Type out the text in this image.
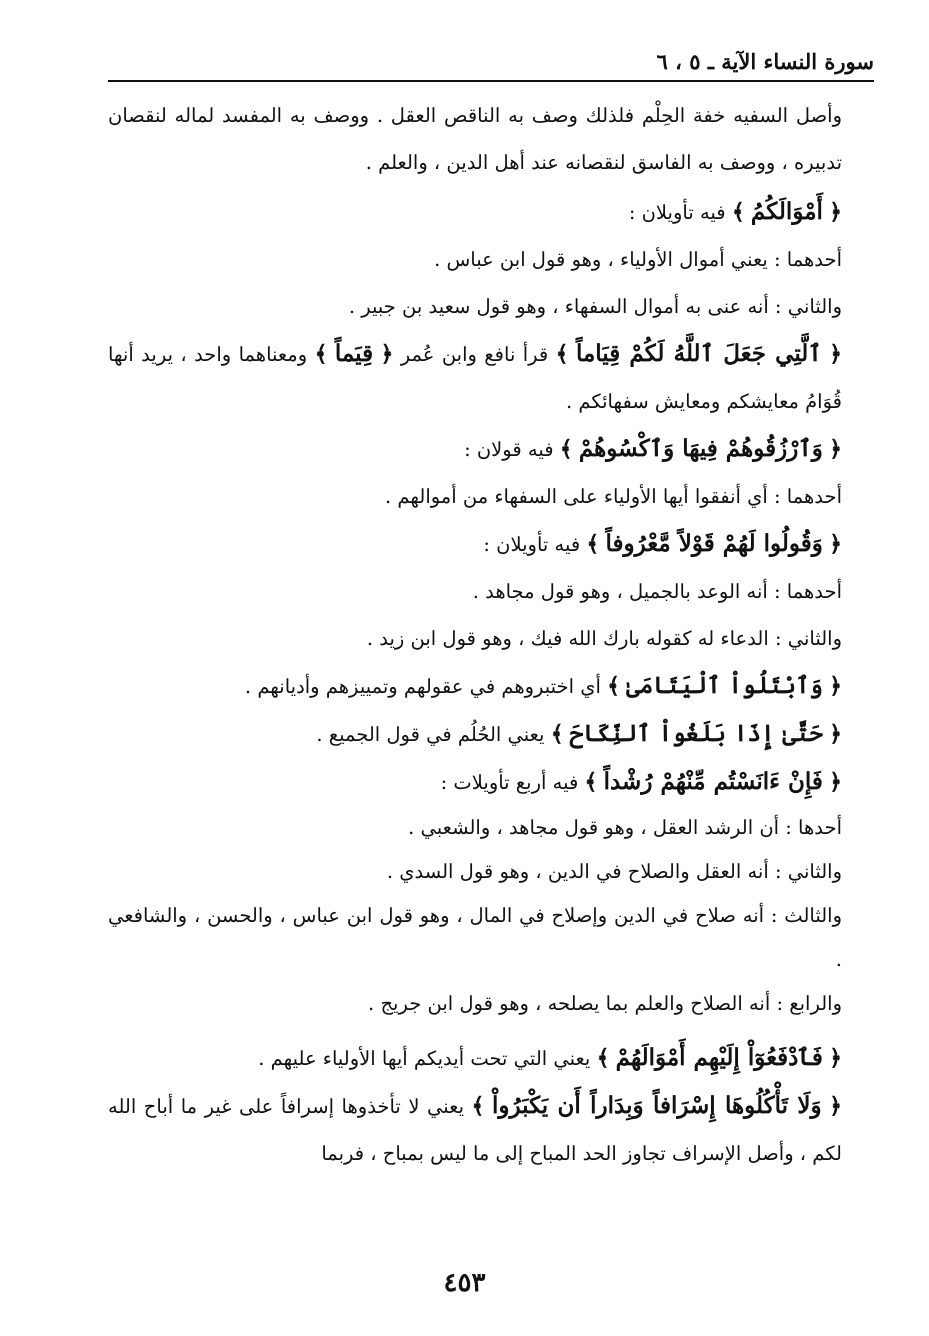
سورة النساء الآية ـ ٥ ، ٦

وأصل السفيه خفة الحِلْم فلذلك وصف به الناقص العقل . ووصف به المفسد لماله لنقصان تدبيره ، ووصف به الفاسق لنقصانه عند أهل الدين ، والعلم .

﴿ أَمْوَالَكُمُ ﴾ فيه تأويلان :

أحدهما : يعني أموال الأولياء ، وهو قول ابن عباس .

والثاني : أنه عنى به أموال السفهاء ، وهو قول سعيد بن جبير .

﴿ ٱلَّتِي جَعَلَ ٱللَّهُ لَكُمْ قِيَاماً ﴾ قرأ نافع وابن عُمر ﴿ قِيَماً ﴾ ومعناهما واحد ، يريد أنها قُوَامُ معايشكم ومعايش سفهائكم .

﴿ وَٱرْزُقُوهُمْ فِيهَا وَٱكْسُوهُمْ ﴾ فيه قولان :

أحدهما : أي أنفقوا أيها الأولياء على السفهاء من أموالهم .

﴿ وَقُولُوا لَهُمْ قَوْلاً مَّعْرُوفاً ﴾ فيه تأويلان :

أحدهما : أنه الوعد بالجميل ، وهو قول مجاهد .

والثاني : الدعاء له كقوله بارك الله فيك ، وهو قول ابن زيد .

﴿ وَٱبْتَلُواْ ٱلْيَتَامَىٰ ﴾ أي اختبروهم في عقولهم وتمييزهم وأديانهم .

﴿ حَتَّىٰ إِذَا بَلَغُواْ ٱلنِّكَاحَ ﴾ يعني الحُلُم في قول الجميع .

﴿ فَإِنْ ءَانَسْتُم مِّنْهُمْ رُشْداً ﴾ فيه أربع تأويلات :

أحدها : أن الرشد العقل ، وهو قول مجاهد ، والشعبي .

والثاني : أنه العقل والصلاح في الدين ، وهو قول السدي .

والثالث : أنه صلاح في الدين وإصلاح في المال ، وهو قول ابن عباس ، والحسن ، والشافعي .

والرابع : أنه الصلاح والعلم بما يصلحه ، وهو قول ابن جريج .

﴿ فَٱدْفَعُوٓاْ إِلَيْهِم أَمْوَالَهُمْ ﴾ يعني التي تحت أيديكم أيها الأولياء عليهم .

﴿ وَلَا تَأْكُلُوهَا إِسْرَافاً وَبِدَاراً أَن يَكْبَرُواْ ﴾ يعني لا تأخذوها إسرافاً على غير ما أباح الله لكم ، وأصل الإسراف تجاوز الحد المباح إلى ما ليس بمباح ، فربما

٤٥٣
